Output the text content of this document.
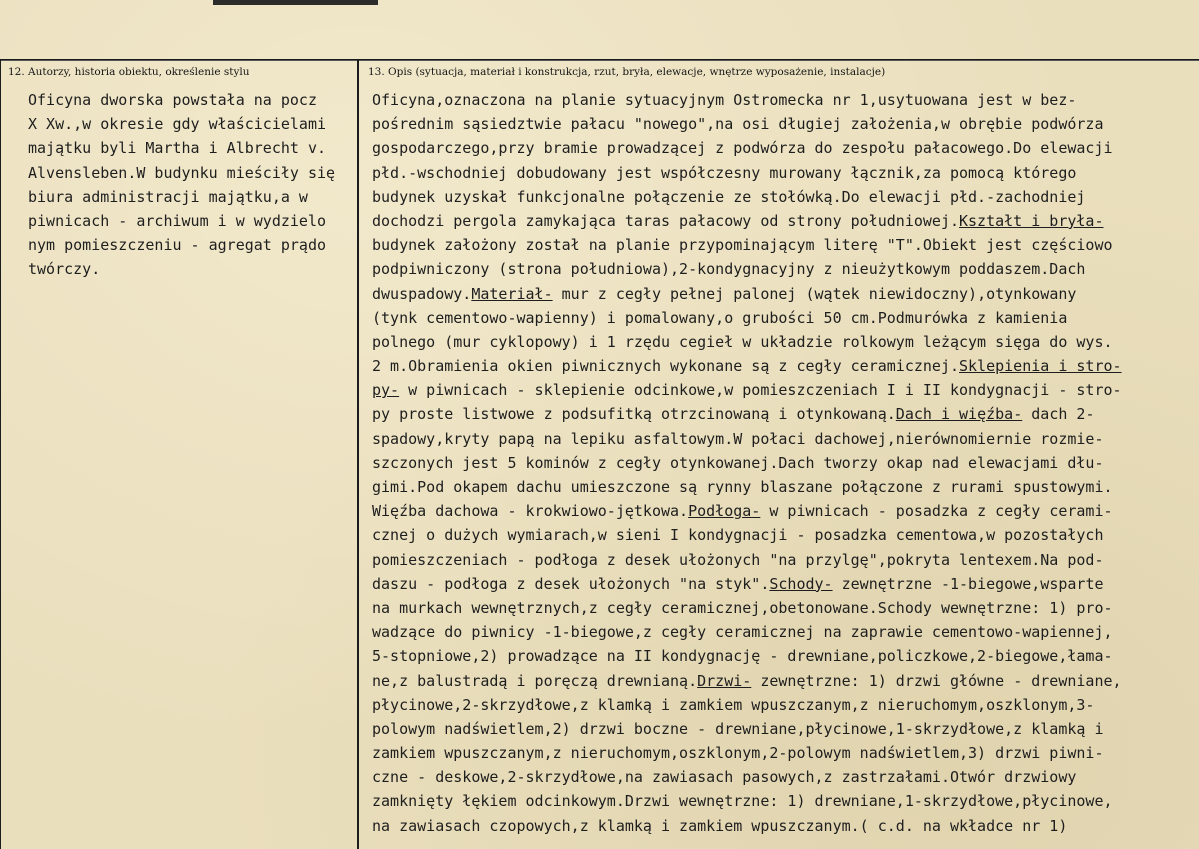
12. Autorzy, historia obiektu, określenie stylu	13. Opis (sytuacja, materiał i konstrukcja, rzut, bryła, elewacje, wnętrze wyposażenie, instalacje)
Oficyna dworska powstała na pocz
X Xw.,w okresie gdy właścicielami
majątku byli Martha i Albrecht v.
Alvensleben.W budynku mieściły się
biura administracji majątku,a w
piwnicach - archiwum i w wydzielo
nym pomieszczeniu - agregat prądo
twórczy.
Oficyna,oznaczona na planie sytuacyjnym Ostromecka nr 1,usytuowana jest w bez-
pośrednim sąsiedztwie pałacu "nowego",na osi długiej założenia,w obrębie podwórza
gospodarczego,przy bramie prowadzącej z podwórza do zespołu pałacowego.Do elewacji
płd.-wschodniej dobudowany jest współczesny murowany łącznik,za pomocą którego
budynek uzyskał funkcjonalne połączenie ze stołówką.Do elewacji płd.-zachodniej
dochodzi pergola zamykająca taras pałacowy od strony południowej.Kształt i bryła-
budynek założony został na planie przypominającym literę "T".Obiekt jest częściowo
podpiwniczony (strona południowa),2-kondygnacyjny z nieużytkowym poddaszem.Dach
dwuspadowy.Materiał- mur z cegły pełnej palonej (wątek niewidoczny),otynkowany
(tynk cementowo-wapienny) i pomalowany,o grubości 50 cm.Podmurówka z kamienia
polnego (mur cyklopowy) i 1 rzędu cegieł w układzie rolkowym leżącym sięga do wys.
2 m.Obramienia okien piwnicznych wykonane są z cegły ceramicznej.Sklepienia i stro-
py- w piwnicach - sklepienie odcinkowe,w pomieszczeniach I i II kondygnacji - stro-
py proste listwowe z podsufitką otrzcinowaną i otynkowaną.Dach i więźba- dach 2-
spadowy,kryty papą na lepiku asfaltowym.W połaci dachowej,nierównomiernie rozmie-
szczonych jest 5 kominów z cegły otynkowanej.Dach tworzy okap nad elewacjami dłu-
gimi.Pod okapem dachu umieszczone są rynny blaszane połączone z rurami spustowymi.
Więźba dachowa - krokwiowo-jętkowa.Podłoga- w piwnicach - posadzka z cegły cerami-
cznej o dużych wymiarach,w sieni I kondygnacji - posadzka cementowa,w pozostałych
pomieszczeniach - podłoga z desek ułożonych "na przylgę",pokryta lentexem.Na pod-
daszu - podłoga z desek ułożonych "na styk".Schody- zewnętrzne -1-biegowe,wsparte
na murkach wewnętrznych,z cegły ceramicznej,obetonowane.Schody wewnętrzne: 1) pro-
wadzące do piwnicy -1-biegowe,z cegły ceramicznej na zaprawie cementowo-wapiennej,
5-stopniowe,2) prowadzące na II kondygnację - drewniane,policzkowe,2-biegowe,łama-
ne,z balustradą i poręczą drewnianą.Drzwi- zewnętrzne: 1) drzwi główne - drewniane,
płycinowe,2-skrzydłowe,z klamką i zamkiem wpuszczanym,z nieruchomym,oszklonym,3-
polowym nadświetlem,2) drzwi boczne - drewniane,płycinowe,1-skrzydłowe,z klamką i
zamkiem wpuszczanym,z nieruchomym,oszklonym,2-polowym nadświetlem,3) drzwi piwni-
czne - deskowe,2-skrzydłowe,na zawiasach pasowych,z zastrzałami.Otwór drzwiowy
zamknięty łękiem odcinkowym.Drzwi wewnętrzne: 1) drewniane,1-skrzydłowe,płycinowe,
na zawiasach czopowych,z klamką i zamkiem wpuszczanym.( c.d. na wkładce nr 1)
